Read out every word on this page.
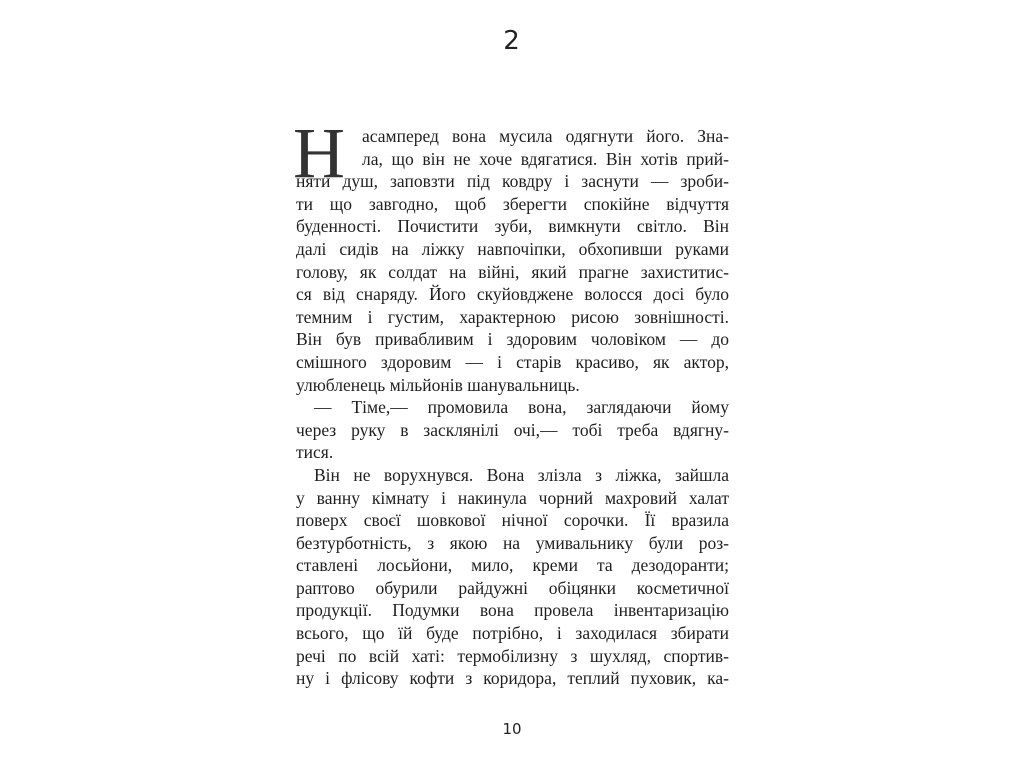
2
Н асамперед вона мусила одягнути його. Зна-
ла, що він не хоче вдягатися. Він хотів прий-
няти душ, заповзти під ковдру і заснути — зроби-
ти що завгодно, щоб зберегти спокійне відчуття
буденності. Почистити зуби, вимкнути світло. Він
далі сидів на ліжку навпочіпки, обхопивши руками
голову, як солдат на війні, який прагне захиститис-
ся від снаряду. Його скуйовджене волосся досі було
темним і густим, характерною рисою зовнішності.
Він був привабливим і здоровим чоловіком — до
смішного здоровим — і старів красиво, як актор,
улюбленець мільйонів шанувальниць.
— Тіме,— промовила вона, заглядаючи йому
через руку в засклянілі очі,— тобі треба вдягну-
тися.
Він не ворухнувся. Вона злізла з ліжка, зайшла
у ванну кімнату і накинула чорний махровий халат
поверх своєї шовкової нічної сорочки. Її вразила
безтурботність, з якою на умивальнику були роз-
ставлені лосьйони, мило, креми та дезодоранти;
раптово обурили райдужні обіцянки косметичної
продукції. Подумки вона провела інвентаризацію
всього, що їй буде потрібно, і заходилася збирати
речі по всій хаті: термобілизну з шухляд, спортив-
ну і флісову кофти з коридора, теплий пуховик, ка-
10
